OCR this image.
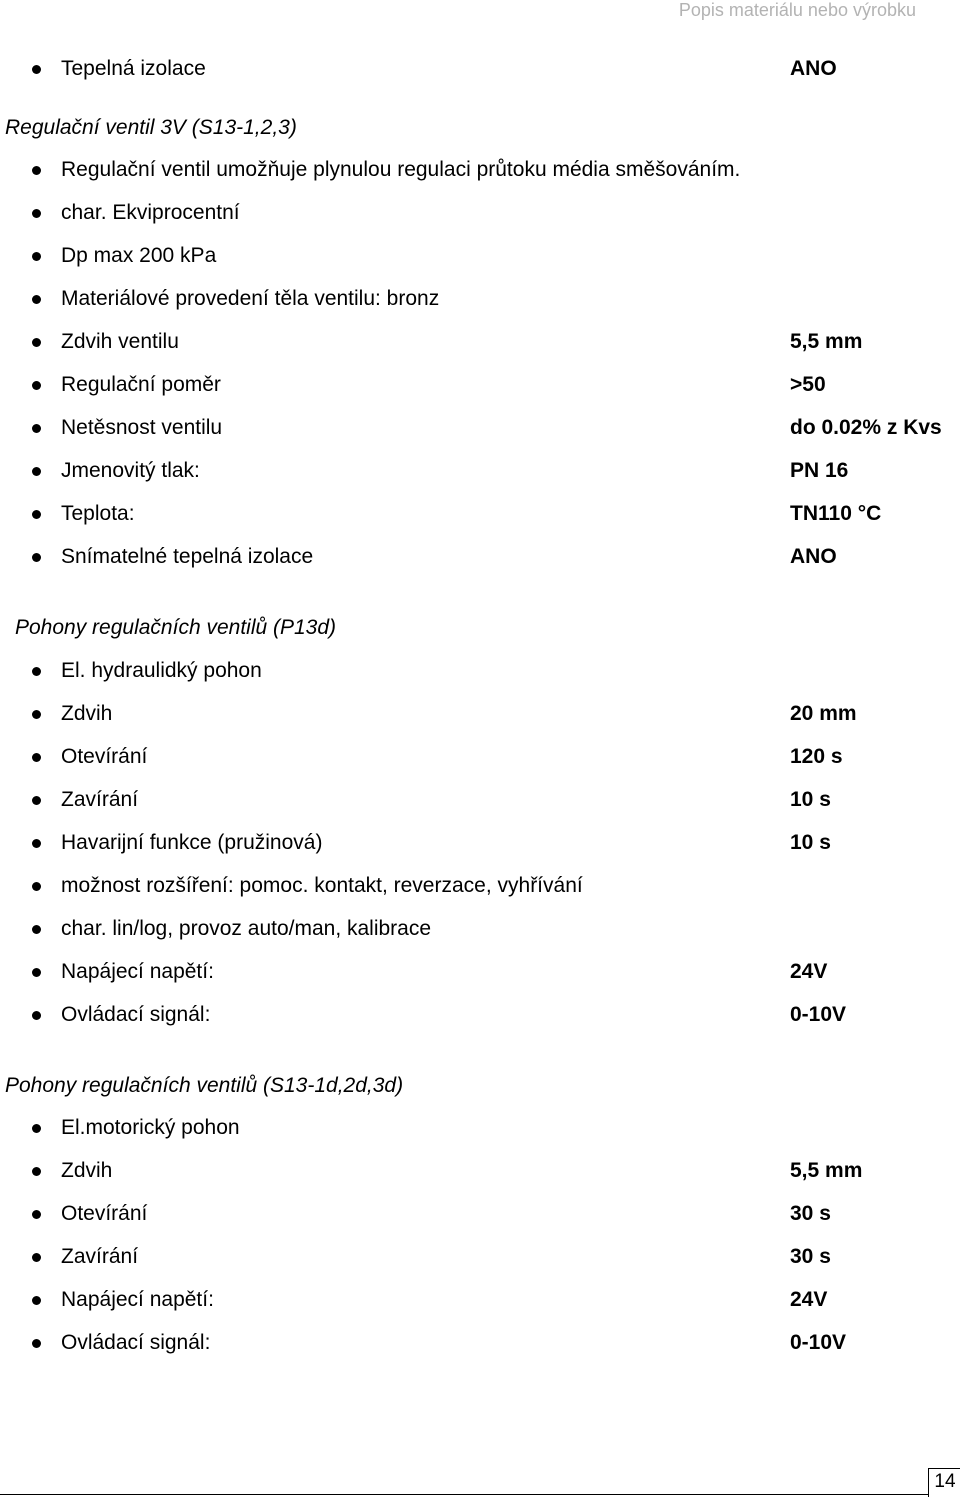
Popis materiálu nebo výrobku
Tepelná izolace	ANO
Regulační ventil 3V (S13-1,2,3)
Regulační ventil umožňuje plynulou regulaci průtoku média směšováním.
char. Ekviprocentní
Dp max 200 kPa
Materiálové provedení těla ventilu: bronz
Zdvih ventilu	5,5 mm
Regulační poměr	>50
Netěsnost ventilu	do 0.02% z Kvs
Jmenovitý tlak:	PN 16
Teplota:	TN110 °C
Snímatelné tepelná izolace	ANO
Pohony regulačních ventilů (P13d)
El. hydraulidký pohon
Zdvih	20 mm
Otevírání	120 s
Zavírání	10 s
Havarijní funkce (pružinová)	10 s
možnost rozšíření: pomoc. kontakt, reverzace, vyhřívání
char. lin/log, provoz auto/man, kalibrace
Napájecí napětí:	24V
Ovládací signál:	0-10V
Pohony regulačních ventilů (S13-1d,2d,3d)
El.motorický pohon
Zdvih	5,5 mm
Otevírání	30 s
Zavírání	30 s
Napájecí napětí:	24V
Ovládací signál:	0-10V
14
